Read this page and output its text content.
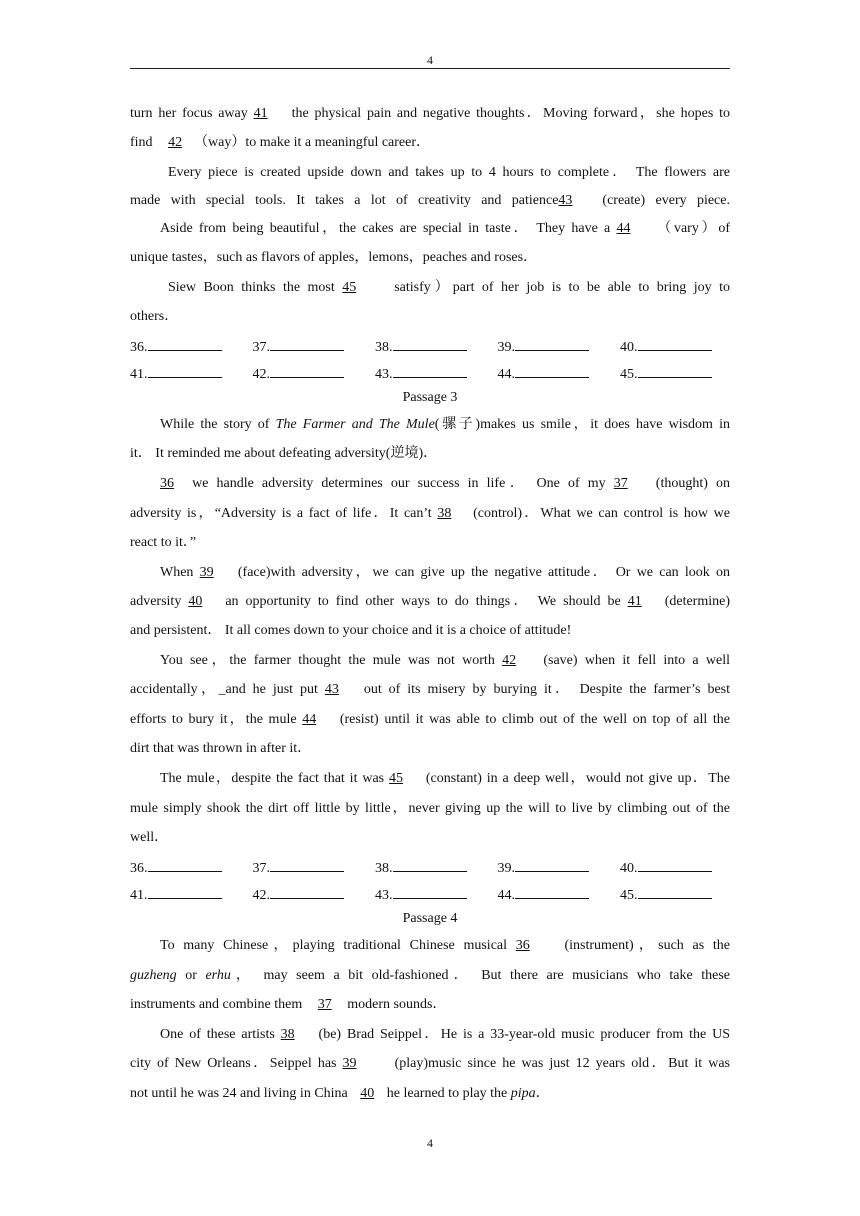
4
turn her focus away 41 the physical pain and negative thoughts．Moving forward，she hopes to
find 42 （way）to make it a meaningful career．
Every piece is created upside down and takes up to 4 hours to complete． The flowers are
made with special tools. It takes a lot of creativity and patience43 (create) every piece.
Aside from being beautiful，the cakes are special in taste． They have a 44 （vary）of
unique tastes，such as flavors of apples，lemons，peaches and roses．
Siew Boon thinks the most 45	satisfy）part of her job is to be able to bring joy to
others．
36.	37.	38.	39.	40.
41.	42.	43.	44.	45.
Passage 3
While the story of The Farmer and The Mule(骡子)makes us smile，it does have wisdom in
it． It reminded me about defeating adversity(逆境)．
36 we handle adversity determines our success in life． One of my 37 (thought) on
adversity is，“Adversity is a fact of life．It can’t 38 (control)．What we can control is how we
react to it．”
When 39 (face)with adversity，we can give up the negative attitude． Or we can look on
adversity 40 an opportunity to find other ways to do things． We should be 41 (determine)
and persistent． It all comes down to your choice and it is a choice of attitude!
You see，the farmer thought the mule was not worth 42 (save) when it fell into a well
accidentally，_and he just put 43 out of its misery by burying it． Despite the farmer’s best
efforts to bury it，the mule 44 (resist) until it was able to climb out of the well on top of all the
dirt that was thrown in after it．
The mule，despite the fact that it was 45 (constant) in a deep well，would not give up．The
mule simply shook the dirt off little by little，never giving up the will to live by climbing out of the
well．
36.	37.	38.	39.	40.
41.	42.	43.	44.	45.
Passage 4
To many Chinese，playing traditional Chinese musical 36 (instrument)，such as the
guzheng or erhu， may seem a bit old-fashioned． But there are musicians who take these
instruments and combine them 37 modern sounds．
One of these artists 38 (be) Brad Seippel．He is a 33-year-old music producer from the US
city of New Orleans．Seippel has 39 (play)music since he was just 12 years old．But it was
not until he was 24 and living in China 40 he learned to play the pipa．
4
